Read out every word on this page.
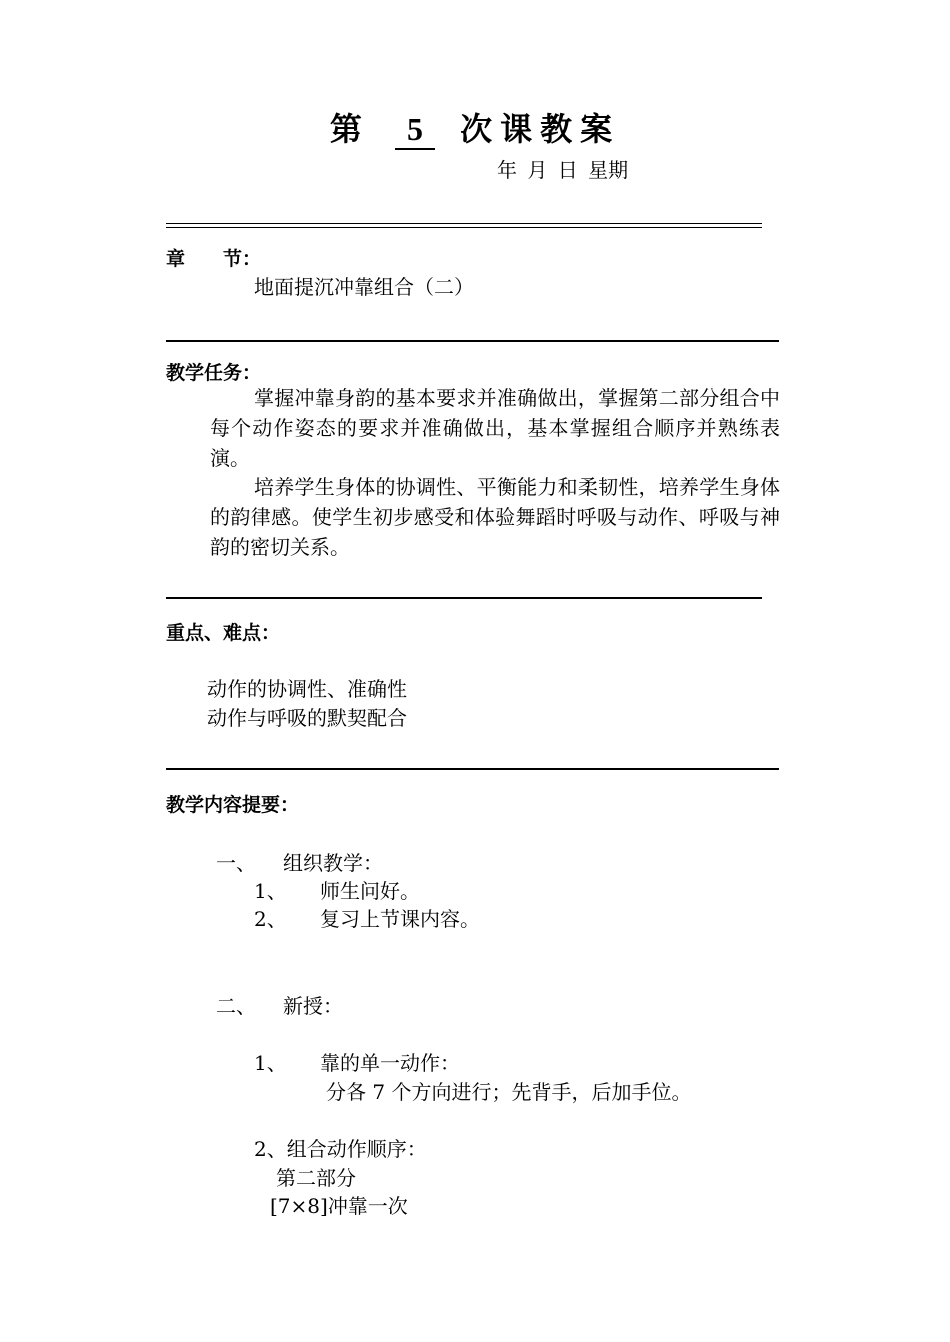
第 5 次课教案
年 月 日 星期
章　　节：
地面提沉冲靠组合（二）
教学任务：
掌握冲靠身韵的基本要求并准确做出，掌握第二部分组合中每个动作姿态的要求并准确做出，基本掌握组合顺序并熟练表演。
培养学生身体的协调性、平衡能力和柔韧性，培养学生身体的韵律感。使学生初步感受和体验舞蹈时呼吸与动作、呼吸与神韵的密切关系。
重点、难点：
动作的协调性、准确性
动作与呼吸的默契配合
教学内容提要：
一、 组织教学：
1、 师生问好。
2、 复习上节课内容。
二、 新授：
1、 靠的单一动作：
分各 7 个方向进行；先背手，后加手位。
2、组合动作顺序：
第二部分
[7×8]冲靠一次
